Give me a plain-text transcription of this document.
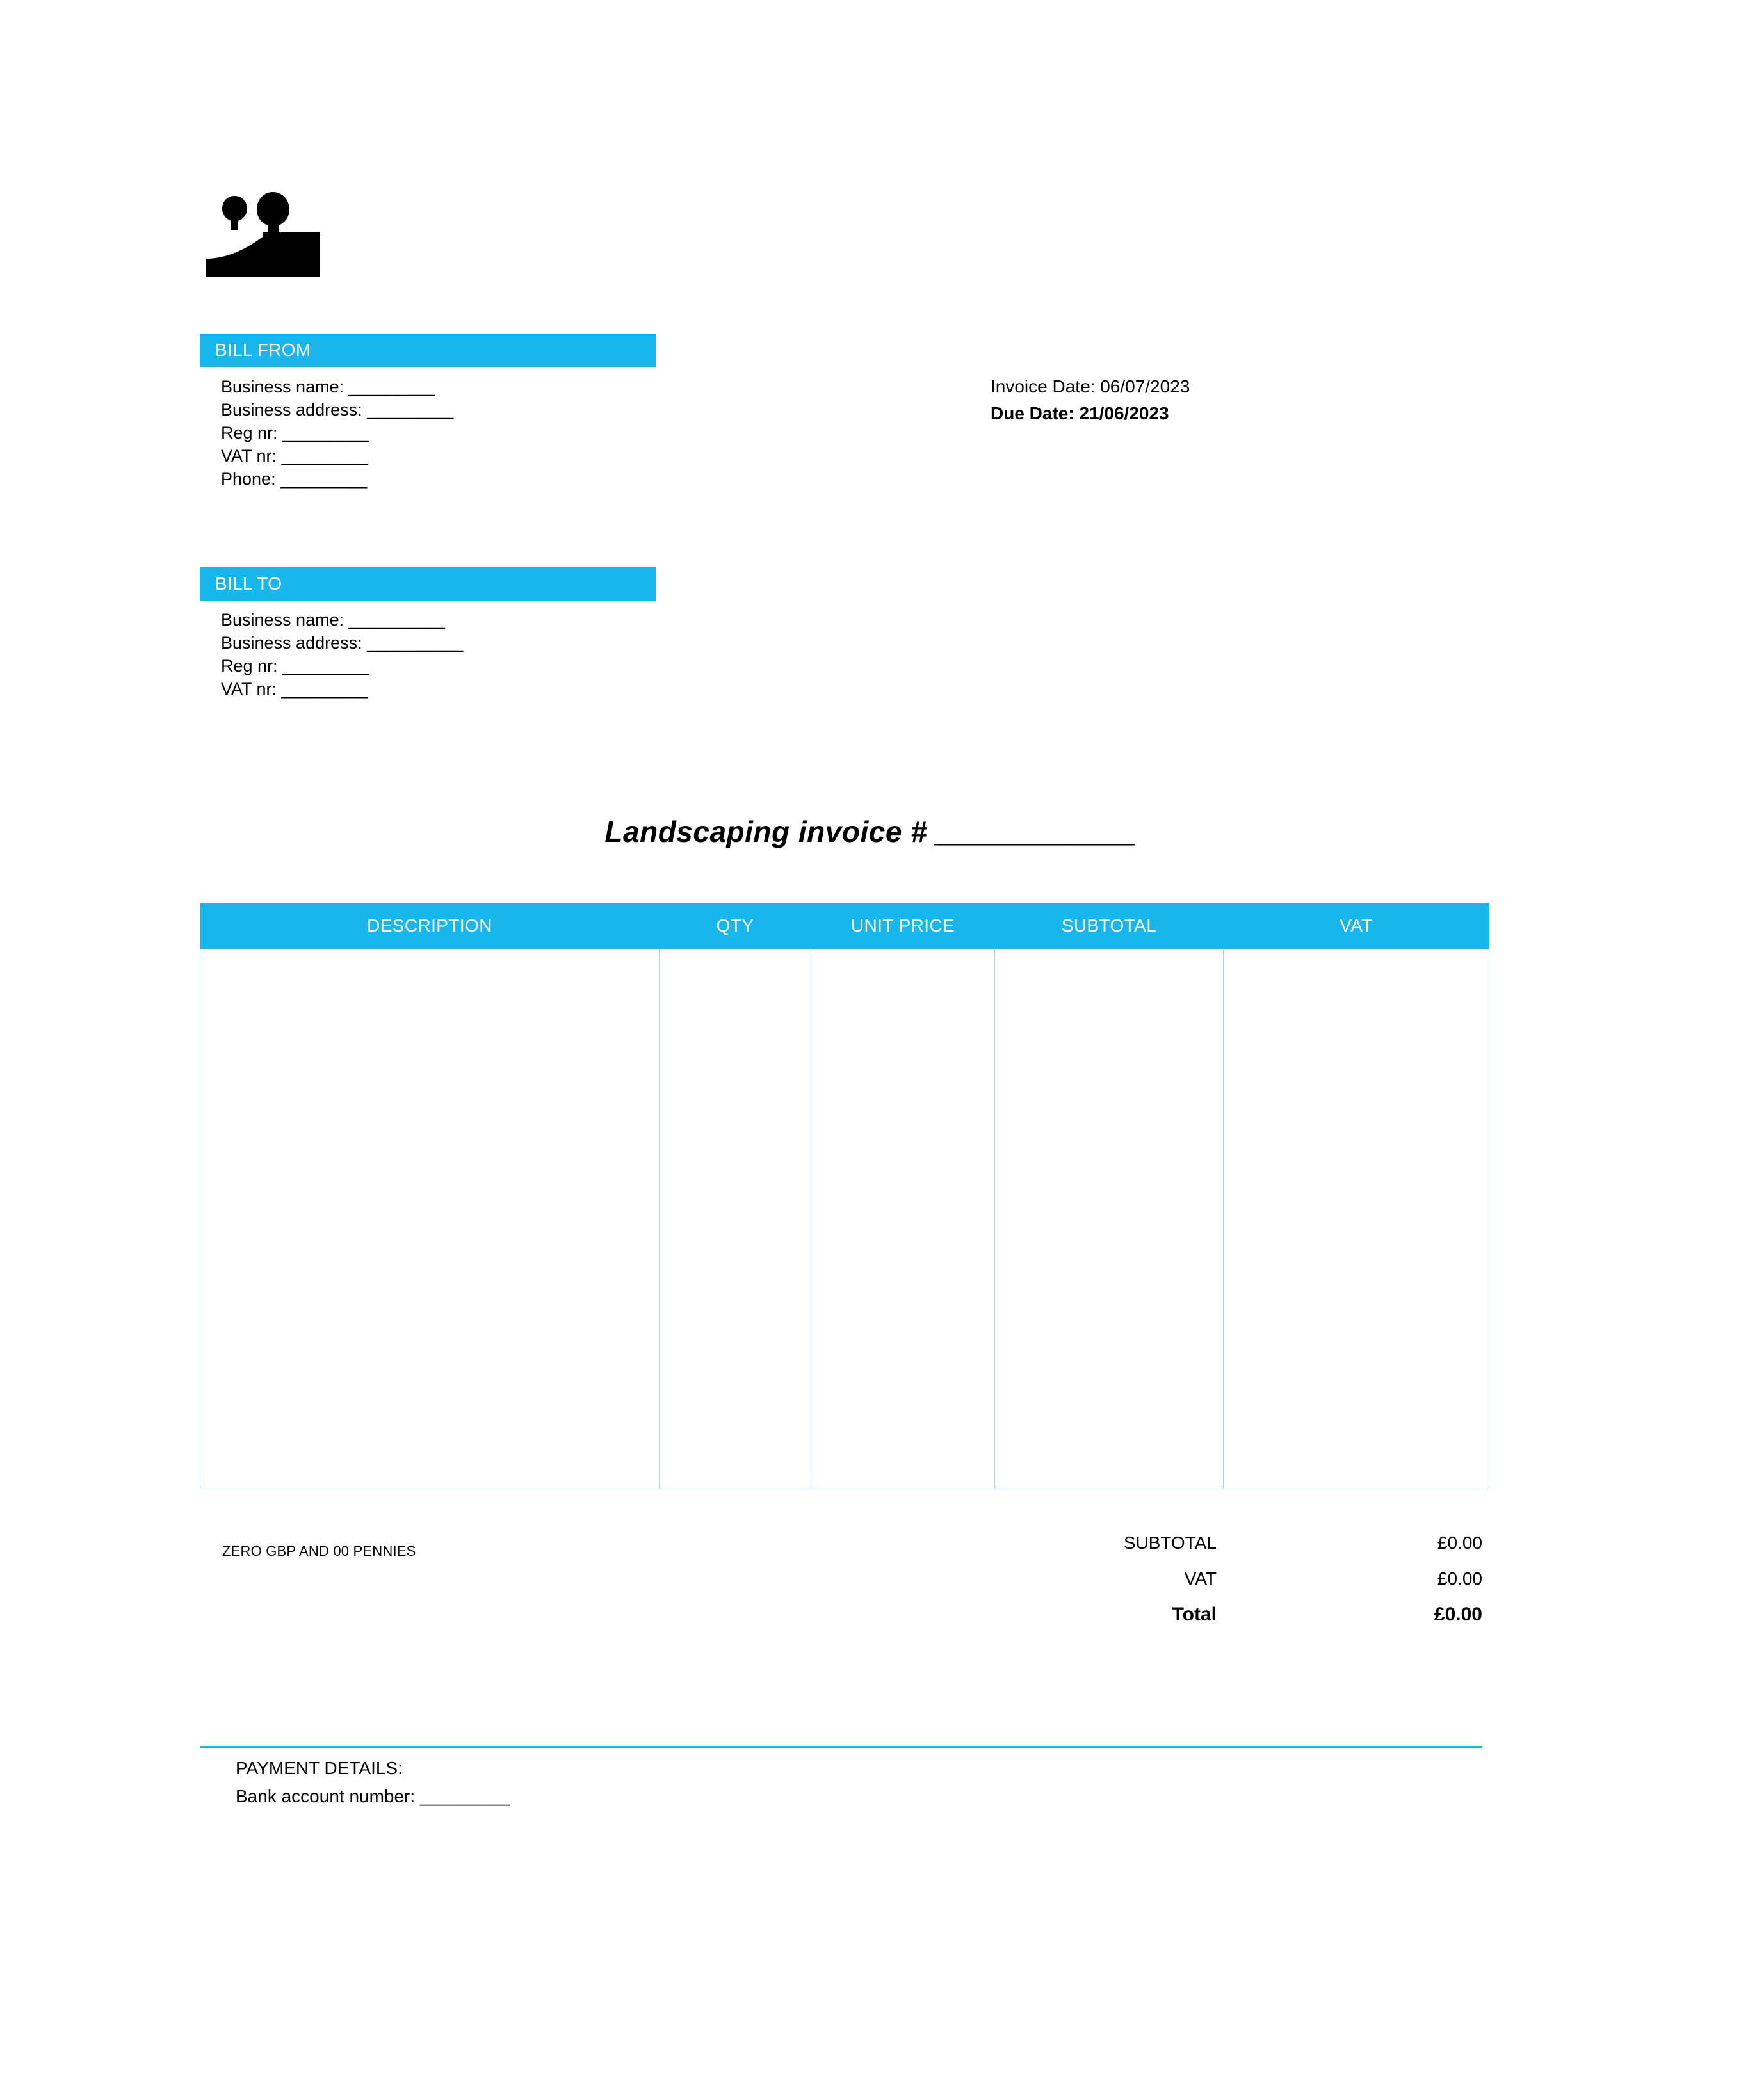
BILL FROM
Business name: _________
Business address: _________
Reg nr: _________
VAT nr: _________
Phone: _________
BILL TO
Business name: __________
Business address: __________
Reg nr: _________
VAT nr: _________
Invoice Date: 06/07/2023
Due Date: 21/06/2023
Landscaping invoice # ____________
DESCRIPTION	QTY	UNIT PRICE	SUBTOTAL	VAT

ZERO GBP AND 00 PENNIES	SUBTOTAL	£0.00
VAT	£0.00
Total	£0.00
PAYMENT DETAILS:
Bank account number: _________
